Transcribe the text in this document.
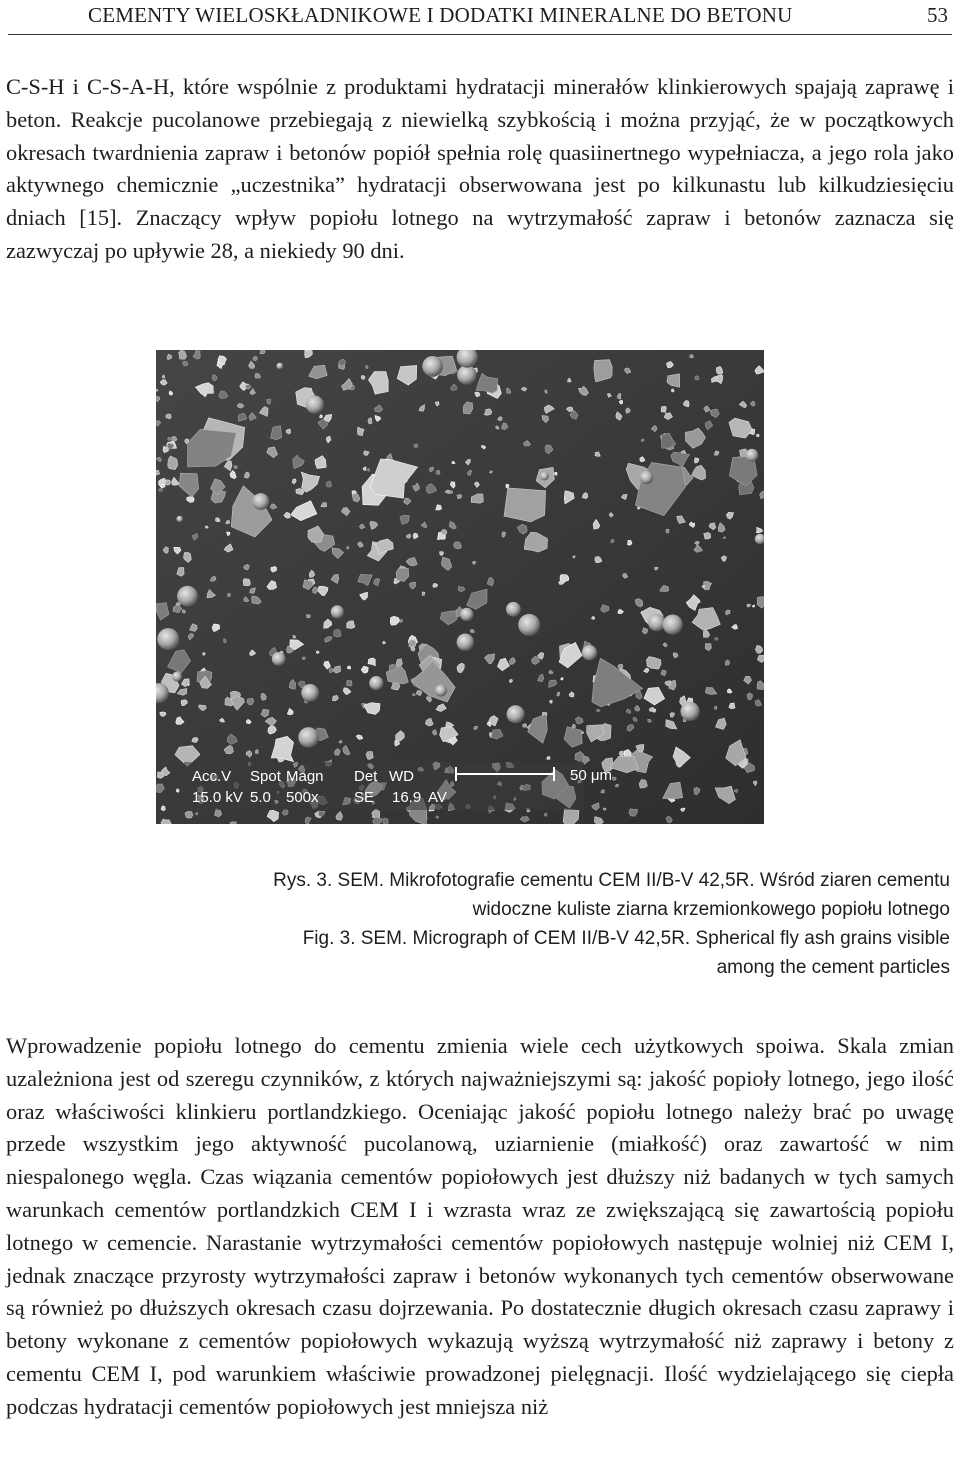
CEMENTY WIELOSKŁADNIKOWE I DODATKI MINERALNE DO BETONU	53

C-S-H i C-S-A-H, które wspólnie z produktami hydratacji minerałów klinkierowych spajają zaprawę i beton. Reakcje pucolanowe przebiegają z niewielką szybkością i można przyjąć, że w początkowych okresach twardnienia zapraw i betonów popiół spełnia rolę quasiinertnego wypełniacza, a jego rola jako aktywnego chemicznie „uczestnika” hydratacji obserwowana jest po kilkunastu lub kilkudziesięciu dniach [15]. Znaczący wpływ popiołu lotnego na wytrzymałość zapraw i betonów zaznacza się zazwyczaj po upływie 28, a niekiedy 90 dni.

Acc.V Spot Magn Det WD
15.0 kV 5.0 500x SE 16.9 AV
50 μm
Rys. 3. SEM. Mikrofotografie cementu CEM II/B-V 42,5R. Wśród ziaren cementu
widoczne kuliste ziarna krzemionkowego popiołu lotnego
Fig. 3. SEM. Micrograph of CEM II/B-V 42,5R. Spherical fly ash grains visible
among the cement particles

Wprowadzenie popiołu lotnego do cementu zmienia wiele cech użytkowych spoiwa. Skala zmian uzależniona jest od szeregu czynników, z których najważniejszymi są: jakość popioły lotnego, jego ilość oraz właściwości klinkieru portlandzkiego. Oceniając jakość popiołu lotnego należy brać po uwagę przede wszystkim jego aktywność pucolanową, uziarnienie (miałkość) oraz zawartość w nim niespalonego węgla. Czas wiązania cementów popiołowych jest dłuższy niż badanych w tych samych warunkach cementów portlandzkich CEM I i wzrasta wraz ze zwiększającą się zawartością popiołu lotnego w cemencie. Narastanie wytrzymałości cementów popiołowych następuje wolniej niż CEM I, jednak znaczące przyrosty wytrzymałości zapraw i betonów wykonanych tych cementów obserwowane są również po dłuższych okresach czasu dojrzewania. Po dostatecznie długich okresach czasu zaprawy i betony wykonane z cementów popiołowych wykazują wyższą wytrzymałość niż zaprawy i betony z cementu CEM I, pod warunkiem właściwie prowadzonej pielęgnacji. Ilość wydzielającego się ciepła podczas hydratacji cementów popiołowych jest mniejsza niż
